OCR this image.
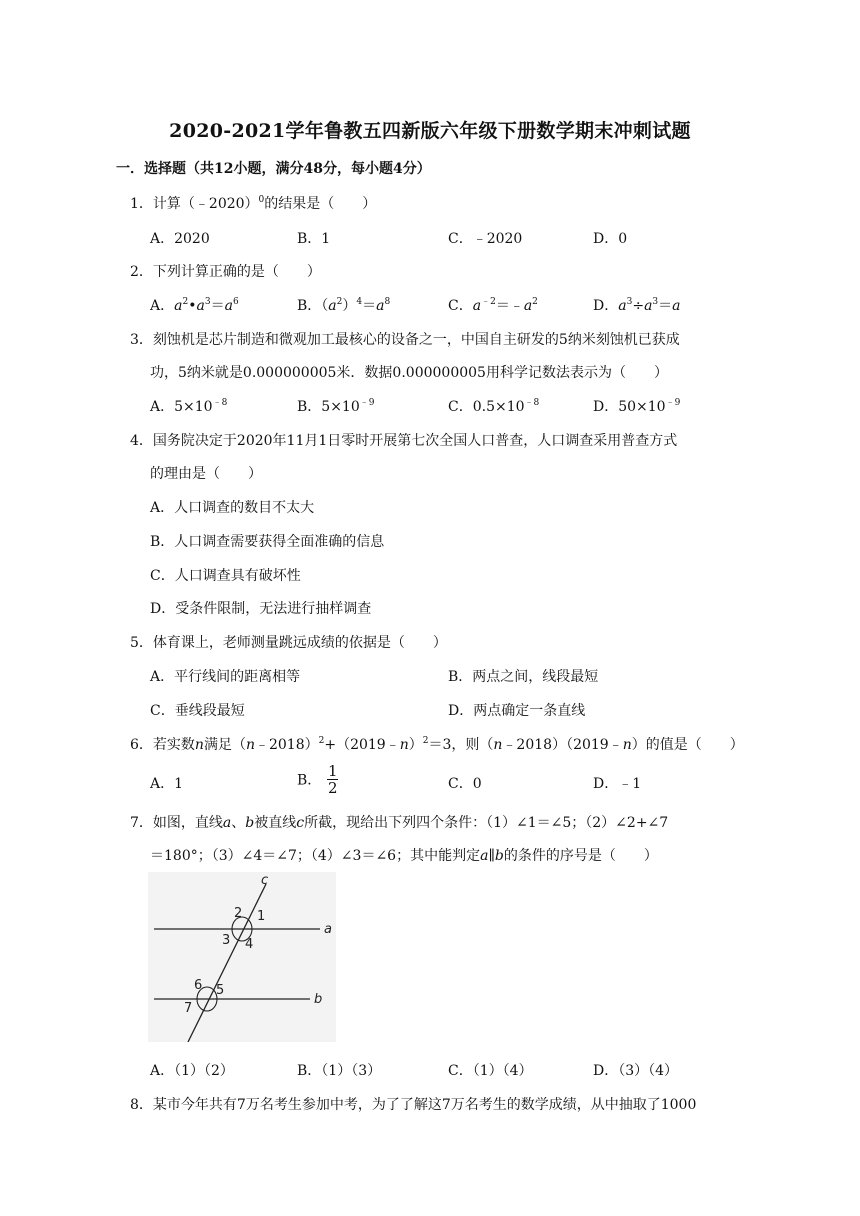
2020-2021学年鲁教五四新版六年级下册数学期末冲刺试题
一．选择题（共12小题，满分48分，每小题4分）
1．计算（﹣2020）$^0$的结果是（　　）
A．2020	B．1	C．﹣2020	D．0
2．下列计算正确的是（　　）
A．$a^2•a^3=a^6$	B．$(a^2)^4=a^8$	C．$a^{﹣2}=﹣a^2$	D．$a^3\div a^3=a$
3．刻蚀机是芯片制造和微观加工最核心的设备之一，中国自主研发的5纳米刻蚀机已获成
功，5纳米就是0.000000005米．数据0.000000005用科学记数法表示为（　　）
A．$5\times 10^{﹣8}$	B．$5\times 10^{﹣9}$	C．$0.5\times 10^{﹣8}$	D．$50\times 10^{﹣9}$
4．国务院决定于2020年11月1日零时开展第七次全国人口普查，人口调查采用普查方式
的理由是（　　）
A．人口调查的数目不太大
B．人口调查需要获得全面准确的信息
C．人口调查具有破坏性
D．受条件限制，无法进行抽样调查
5．体育课上，老师测量跳远成绩的依据是（　　）
A．平行线间的距离相等	B．两点之间，线段最短
C．垂线段最短	D．两点确定一条直线
6．若实数n满足（n﹣2018）$^2$+（2019﹣n）$^2$＝3，则（n﹣2018）（2019﹣n）的值是（　　）
A．1	B． $\frac{1}{2}$	C．0	D．﹣1
7．如图，直线a、b被直线c所截，现给出下列四个条件：（1）∠1＝∠5；（2）∠2+∠7
＝180°；（3）∠4＝∠7；（4）∠3＝∠6；其中能判定a∥b的条件的序号是（　　）
a
b
c
1
2
3 4
5
6
7
A．（1）（2）	B．（1）（3）	C．（1）（4）	D．（3）（4）
8．某市今年共有7万名考生参加中考，为了了解这7万名考生的数学成绩，从中抽取了1000
